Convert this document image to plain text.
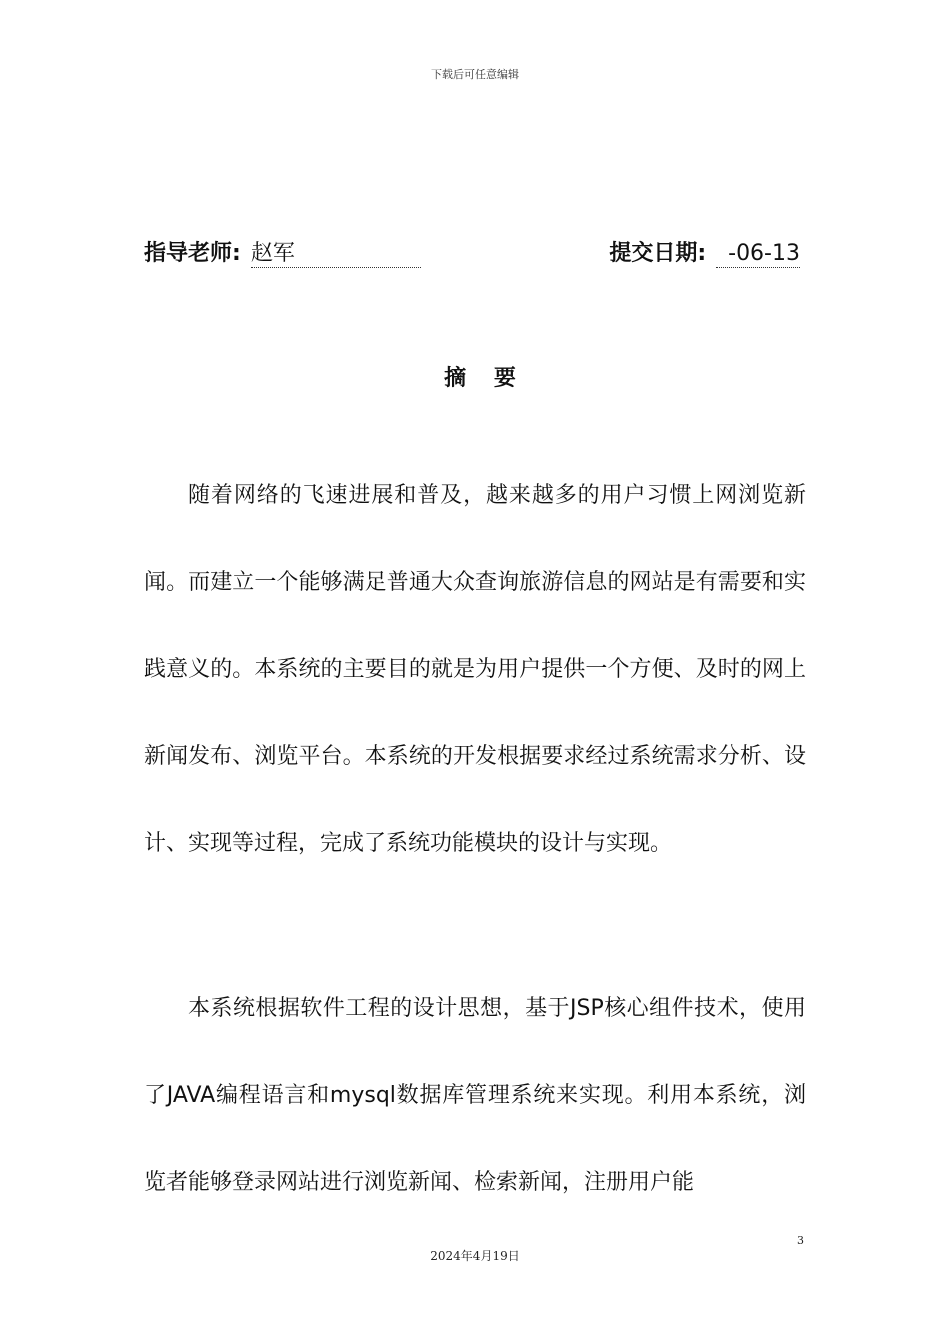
下载后可任意编辑
指导老师: 赵军	提交日期: -06-13
摘 要

随着网络的飞速进展和普及，越来越多的用户习惯上网浏览新闻。而建立一个能够满足普通大众查询旅游信息的网站是有需要和实践意义的。本系统的主要目的就是为用户提供一个方便、及时的网上新闻发布、浏览平台。本系统的开发根据要求经过系统需求分析、设计、实现等过程，完成了系统功能模块的设计与实现。

本系统根据软件工程的设计思想，基于JSP核心组件技术，使用了JAVA编程语言和mysql数据库管理系统来实现。利用本系统，浏览者能够登录网站进行浏览新闻、检索新闻，注册用户能

3
2024年4月19日
